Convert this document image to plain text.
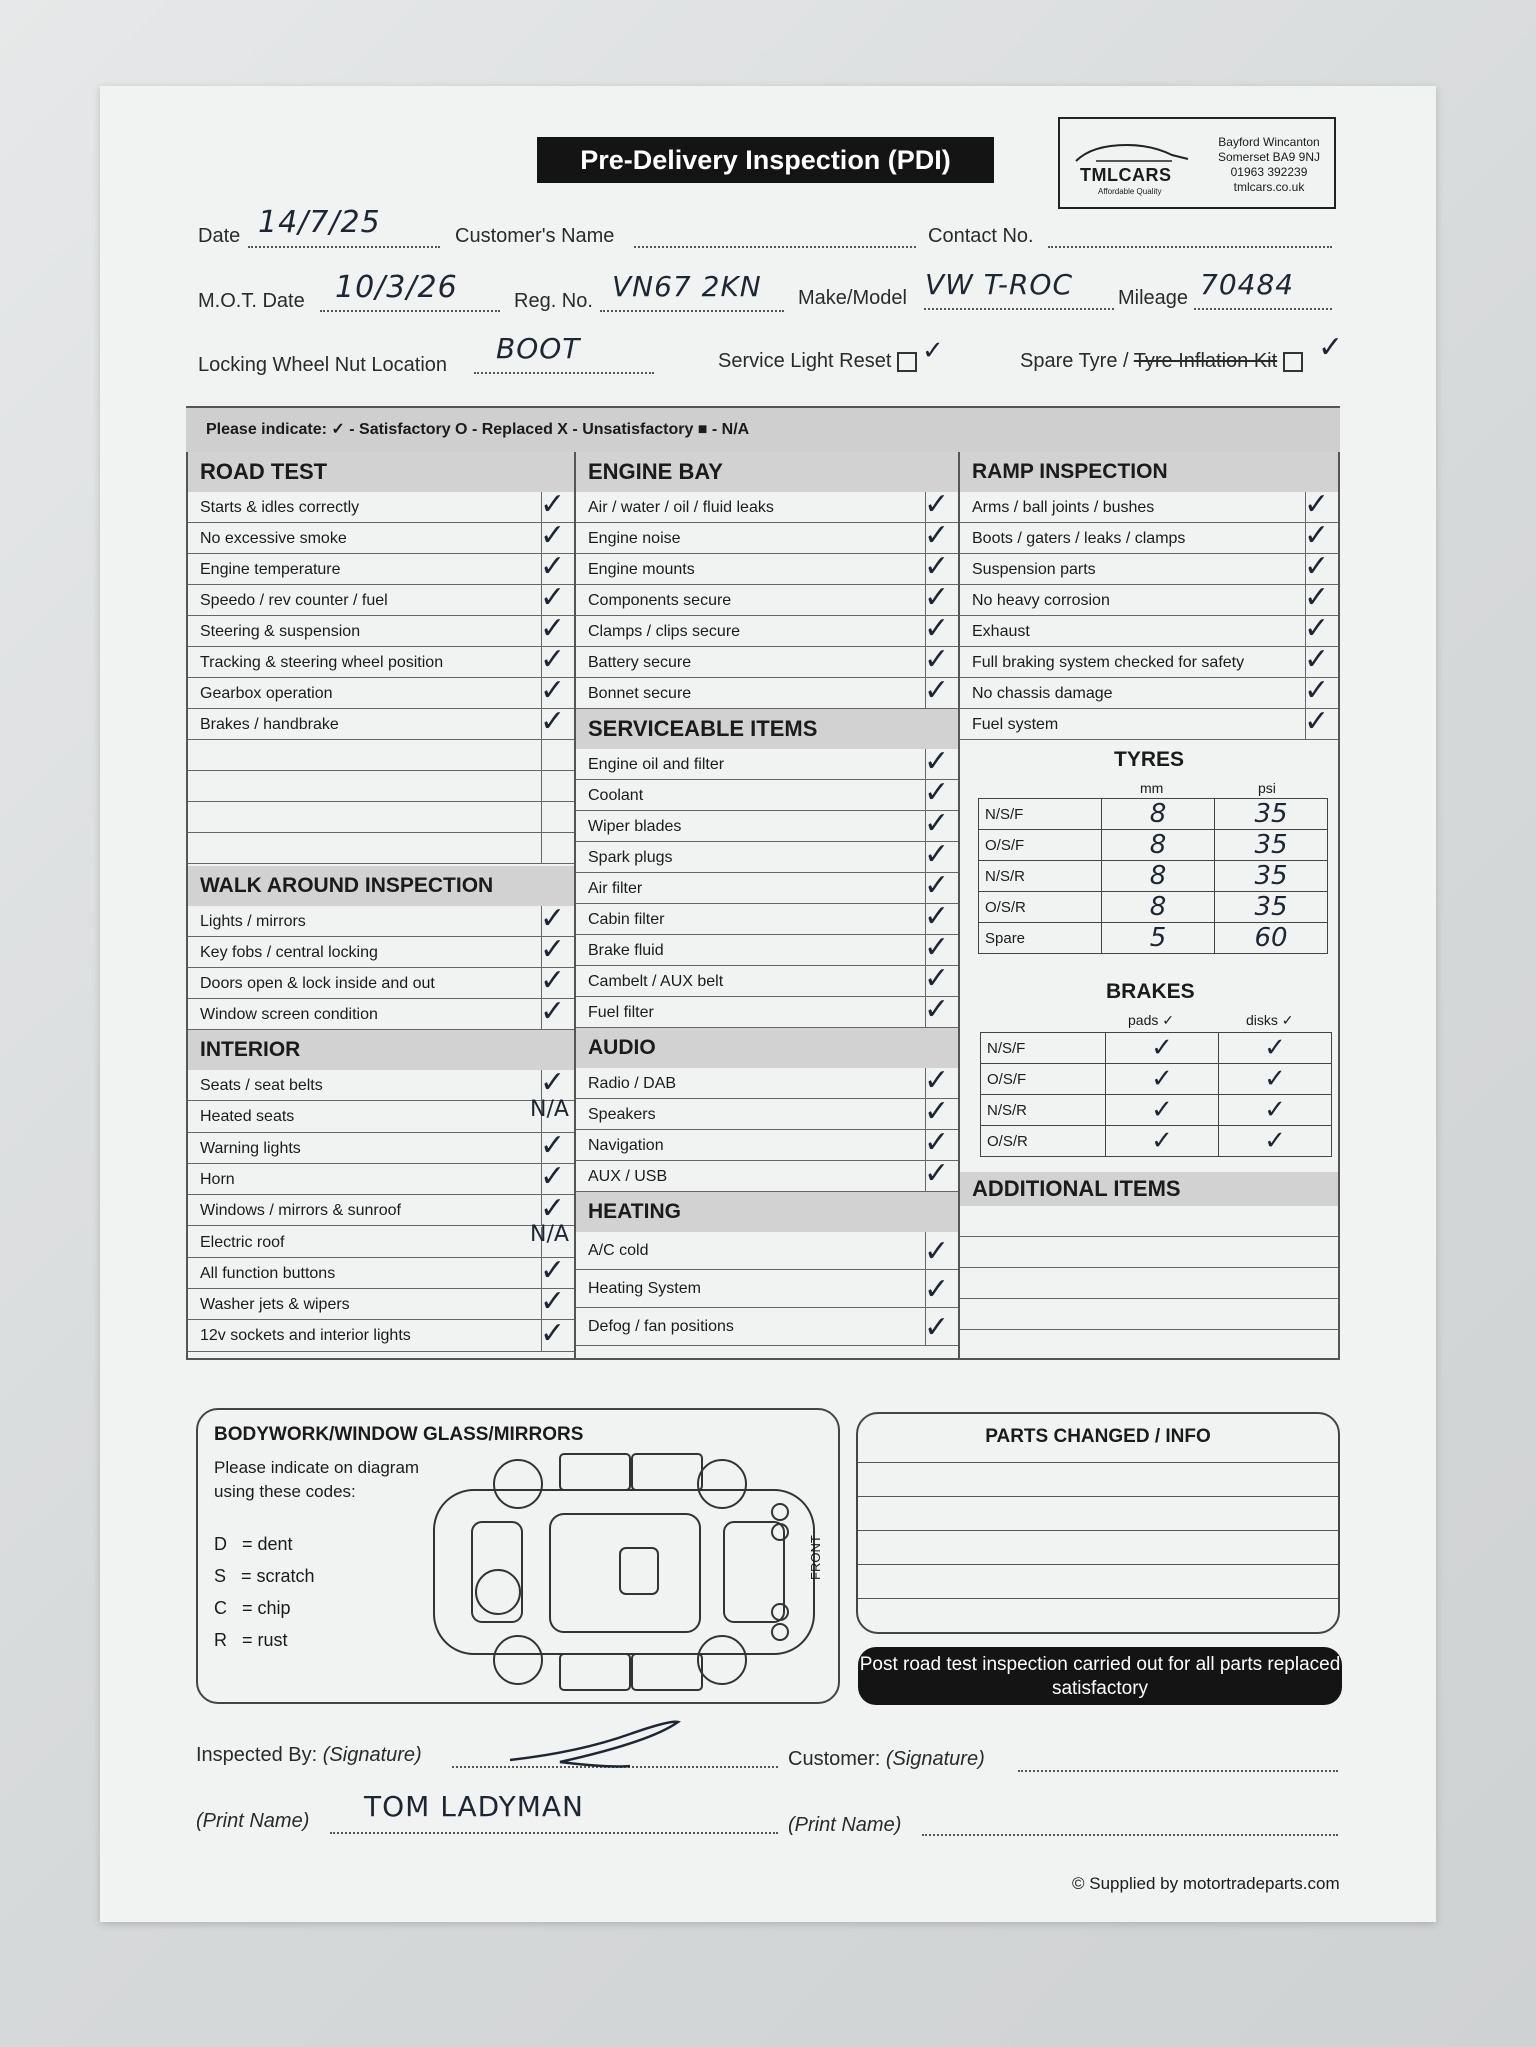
Pre-Delivery Inspection (PDI)	TMLCARS
Affordable Quality
Bayford Wincanton
Somerset BA9 9NJ
01963 392239
tmlcars.co.uk
Date 14/7/25	Customer's Name	Contact No.
M.O.T. Date 10/3/26	Reg. No. VN67 2KN Make/Model VW T-ROC Mileage 70484
Locking Wheel Nut Location BOOT	Service Light Reset	Spare Tyre / Tyre Inflation Kit
✓	✓
Please indicate: ✓ - Satisfactory O - Replaced X - Unsatisfactory ■ - N/A
ROAD TEST
Starts & idles correctly	✓
No excessive smoke	✓
Engine temperature	✓
Speedo / rev counter / fuel	✓
Steering & suspension	✓
Tracking & steering wheel position	✓
Gearbox operation	✓
Brakes / handbrake	✓
WALK AROUND INSPECTION
Lights / mirrors	✓
Key fobs / central locking	✓
Doors open & lock inside and out	✓
Window screen condition	✓
INTERIOR
Seats / seat belts	✓
Heated seats	N/A
Warning lights	✓
Horn	✓
Windows / mirrors & sunroof	✓
Electric roof	N/A
All function buttons	✓
Washer jets & wipers	✓
12v sockets and interior lights	✓
ENGINE BAY
Air / water / oil / fluid leaks	✓
Engine noise	✓
Engine mounts	✓
Components secure	✓
Clamps / clips secure	✓
Battery secure	✓
Bonnet secure	✓
SERVICEABLE ITEMS
Engine oil and filter	✓
Coolant	✓
Wiper blades	✓
Spark plugs	✓
Air filter	✓
Cabin filter	✓
Brake fluid	✓
Cambelt / AUX belt	✓
Fuel filter	✓
AUDIO
Radio / DAB	✓
Speakers	✓
Navigation	✓
AUX / USB	✓
HEATING
A/C cold	✓
Heating System	✓
Defog / fan positions	✓
RAMP INSPECTION
Arms / ball joints / bushes	✓
Boots / gaters / leaks / clamps	✓
Suspension parts	✓
No heavy corrosion	✓
Exhaust	✓
Full braking system checked for safety	✓
No chassis damage	✓
Fuel system	✓
TYRES
mm	psi
N/S/F	8	35
O/S/F	8	35
N/S/R	8	35
O/S/R	8	35
Spare	5	60
BRAKES
pads ✓	disks ✓
N/S/F	✓	✓
O/S/F	✓	✓
N/S/R	✓	✓
O/S/R	✓	✓
ADDITIONAL ITEMS
BODYWORK/WINDOW GLASS/MIRRORS
Please indicate on diagram using these codes:
D = dent
S = scratch
C = chip
R = rust
FRONT
PARTS CHANGED / INFO
Post road test inspection carried out for all parts replaced satisfactory
Inspected By: (Signature)	Customer: (Signature)
(Print Name) TOM LADYMAN
(Print Name)
© Supplied by motortradeparts.com
